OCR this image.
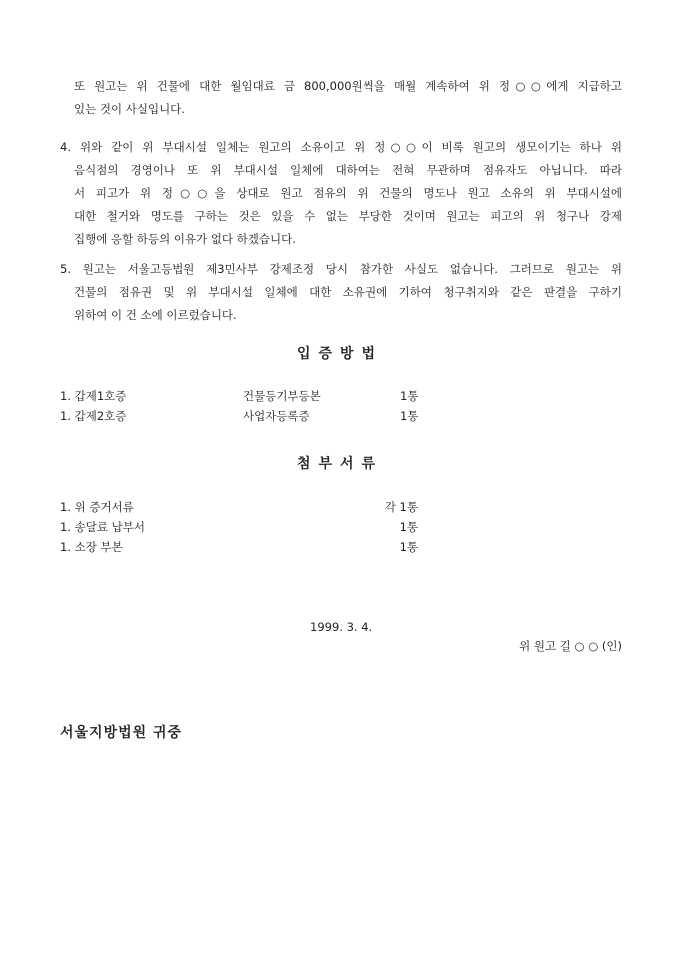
또 원고는 위 건물에 대한 월임대료 금 800,000원씩을 매월 계속하여 위 정○○에게 지급하고
있는 것이 사실입니다.
4. 위와 같이 위 부대시설 일체는 원고의 소유이고 위 정○○이 비록 원고의 생모이기는 하나 위
음식점의 경영이나 또 위 부대시설 일체에 대하여는 전혀 무관하며 점유자도 아닙니다. 따라
서 피고가 위 정○○을 상대로 원고 점유의 위 건물의 명도나 원고 소유의 위 부대시설에
대한 철거와 명도를 구하는 것은 있을 수 없는 부당한 것이며 원고는 피고의 위 청구나 강제
집행에 응할 하등의 이유가 없다 하겠습니다.
5. 원고는 서울고등법원 제3민사부 강제조정 당시 참가한 사실도 없습니다. 그러므로 원고는 위
건물의 점유권 및 위 부대시설 일체에 대한 소유권에 기하여 청구취지와 같은 판결을 구하기
위하여 이 건 소에 이르렀습니다.
입증방법
1. 갑제1호증	건물등기부등본	1통
1. 갑제2호증	사업자등록증	1통
첨부서류
1. 위 증거서류	각 1통
1. 송달료 납부서	1통
1. 소장 부본	1통
1999. 3. 4.
위 원고 길 ○ ○ (인)
서울지방법원 귀중
